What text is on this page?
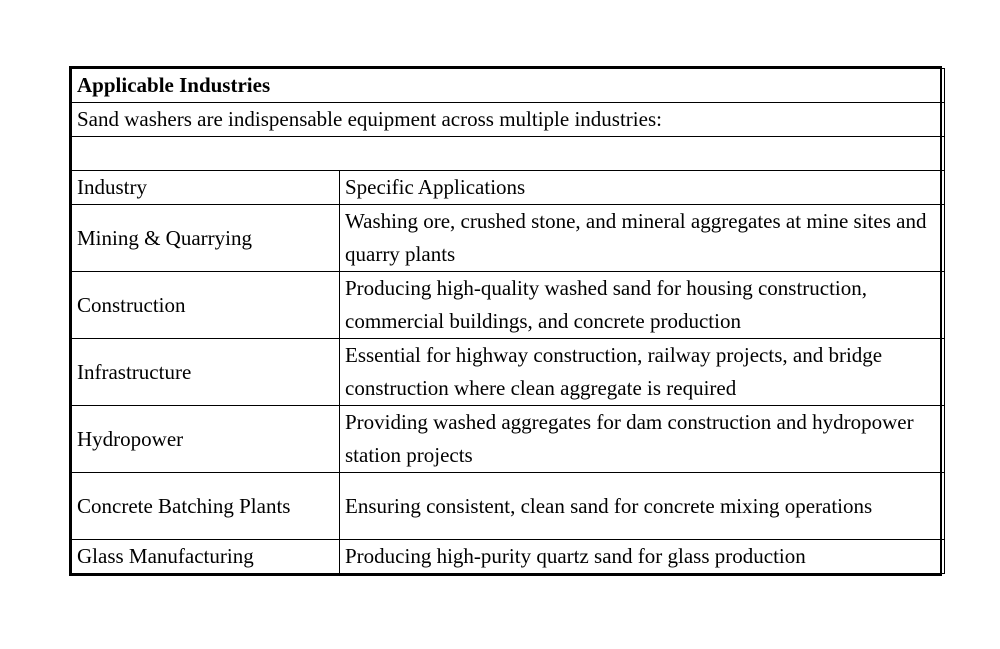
Applicable Industries	
Sand washers are indispensable equipment across multiple industries:	

Industry	Specific Applications
Mining & Quarrying	Washing ore, crushed stone, and mineral aggregates at mine sites and quarry plants
Construction	Producing high-quality washed sand for housing construction, commercial buildings, and concrete production
Infrastructure	Essential for highway construction, railway projects, and bridge construction where clean aggregate is required
Hydropower	Providing washed aggregates for dam construction and hydropower station projects
Concrete Batching Plants	Ensuring consistent, clean sand for concrete mixing operations
Glass Manufacturing	Producing high-purity quartz sand for glass production
